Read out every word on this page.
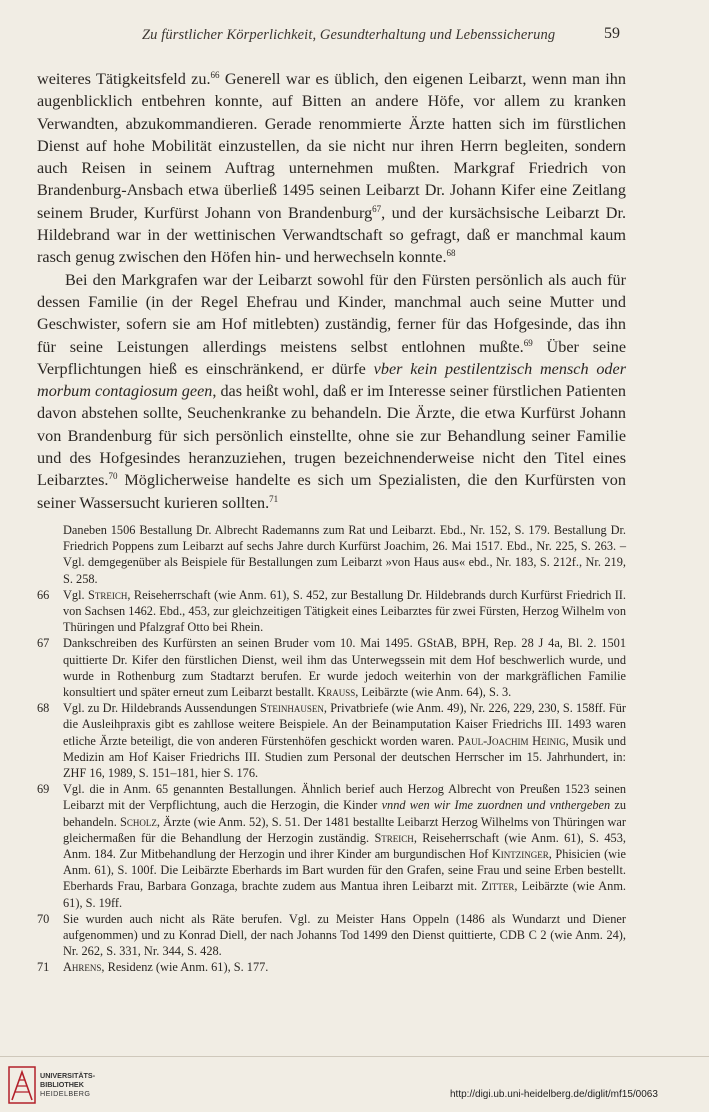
Zu fürstlicher Körperlichkeit, Gesundterhaltung und Lebenssicherung	59

weiteres Tätigkeitsfeld zu.$^{66}$ Generell war es üblich, den eigenen Leibarzt, wenn man ihn augenblicklich entbehren konnte, auf Bitten an andere Höfe, vor allem zu kranken Verwandten, abzukommandieren. Gerade renommierte Ärzte hatten sich im fürstlichen Dienst auf hohe Mobilität einzustellen, da sie nicht nur ihren Herrn begleiten, sondern auch Reisen in seinem Auftrag unternehmen mußten. Markgraf Friedrich von Brandenburg-Ansbach etwa überließ 1495 seinen Leibarzt Dr. Johann Kifer eine Zeitlang seinem Bruder, Kurfürst Johann von Brandenburg$^{67}$, und der kursächsische Leibarzt Dr. Hildebrand war in der wettinischen Verwandtschaft so gefragt, daß er manchmal kaum rasch genug zwischen den Höfen hin- und herwechseln konnte.$^{68}$

Bei den Markgrafen war der Leibarzt sowohl für den Fürsten persönlich als auch für dessen Familie (in der Regel Ehefrau und Kinder, manchmal auch seine Mutter und Geschwister, sofern sie am Hof mitlebten) zuständig, ferner für das Hofgesinde, das ihn für seine Leistungen allerdings meistens selbst entlohnen mußte.$^{69}$ Über seine Verpflichtungen hieß es einschränkend, er dürfe vber kein pestilentzisch mensch oder morbum contagiosum geen, das heißt wohl, daß er im Interesse seiner fürstlichen Patienten davon abstehen sollte, Seuchenkranke zu behandeln. Die Ärzte, die etwa Kurfürst Johann von Brandenburg für sich persönlich einstellte, ohne sie zur Behandlung seiner Familie und des Hofgesindes heranzuziehen, trugen bezeichnenderweise nicht den Titel eines Leibarztes.$^{70}$ Möglicherweise handelte es sich um Spezialisten, die den Kurfürsten von seiner Wassersucht kurieren sollten.$^{71}$

Daneben 1506 Bestallung Dr. Albrecht Rademanns zum Rat und Leibarzt. Ebd., Nr. 152, S. 179. Bestallung Dr. Friedrich Poppens zum Leibarzt auf sechs Jahre durch Kurfürst Joachim, 26. Mai 1517. Ebd., Nr. 225, S. 263. – Vgl. demgegenüber als Beispiele für Bestallungen zum Leibarzt »von Haus aus« ebd., Nr. 183, S. 212f., Nr. 219, S. 258.
66 Vgl. Streich, Reiseherrschaft (wie Anm. 61), S. 452, zur Bestallung Dr. Hildebrands durch Kurfürst Friedrich II. von Sachsen 1462. Ebd., 453, zur gleichzeitigen Tätigkeit eines Leibarztes für zwei Fürsten, Herzog Wilhelm von Thüringen und Pfalzgraf Otto bei Rhein.
67 Dankschreiben des Kurfürsten an seinen Bruder vom 10. Mai 1495. GStAB, BPH, Rep. 28 J 4a, Bl. 2. 1501 quittierte Dr. Kifer den fürstlichen Dienst, weil ihm das Unterwegssein mit dem Hof beschwerlich wurde, und wurde in Rothenburg zum Stadtarzt berufen. Er wurde jedoch weiterhin von der markgräflichen Familie konsultiert und später erneut zum Leibarzt bestallt. Krauss, Leibärzte (wie Anm. 64), S. 3.
68 Vgl. zu Dr. Hildebrands Aussendungen Steinhausen, Privatbriefe (wie Anm. 49), Nr. 226, 229, 230, S. 158ff. Für die Ausleihpraxis gibt es zahllose weitere Beispiele. An der Beinamputation Kaiser Friedrichs III. 1493 waren etliche Ärzte beteiligt, die von anderen Fürstenhöfen geschickt worden waren. Paul-Joachim Heinig, Musik und Medizin am Hof Kaiser Friedrichs III. Studien zum Personal der deutschen Herrscher im 15. Jahrhundert, in: ZHF 16, 1989, S. 151–181, hier S. 176.
69 Vgl. die in Anm. 65 genannten Bestallungen. Ähnlich berief auch Herzog Albrecht von Preußen 1523 seinen Leibarzt mit der Verpflichtung, auch die Herzogin, die Kinder vnnd wen wir Ime zuordnen und vnthergeben zu behandeln. Scholz, Ärzte (wie Anm. 52), S. 51. Der 1481 bestallte Leibarzt Herzog Wilhelms von Thüringen war gleichermaßen für die Behandlung der Herzogin zuständig. Streich, Reiseherrschaft (wie Anm. 61), S. 453, Anm. 184. Zur Mitbehandlung der Herzogin und ihrer Kinder am burgundischen Hof Kintzinger, Phisicien (wie Anm. 61), S. 100f. Die Leibärzte Eberhards im Bart wurden für den Grafen, seine Frau und seine Erben bestellt. Eberhards Frau, Barbara Gonzaga, brachte zudem aus Mantua ihren Leibarzt mit. Zitter, Leibärzte (wie Anm. 61), S. 19ff.
70 Sie wurden auch nicht als Räte berufen. Vgl. zu Meister Hans Oppeln (1486 als Wundarzt und Diener aufgenommen) und zu Konrad Diell, der nach Johanns Tod 1499 den Dienst quittierte, CDB C 2 (wie Anm. 24), Nr. 262, S. 331, Nr. 344, S. 428.
71 Ahrens, Residenz (wie Anm. 61), S. 177.
UNIVERSITÄTS-
BIBLIOTHEK
HEIDELBERG	http://digi.ub.uni-heidelberg.de/diglit/mf15/0063
